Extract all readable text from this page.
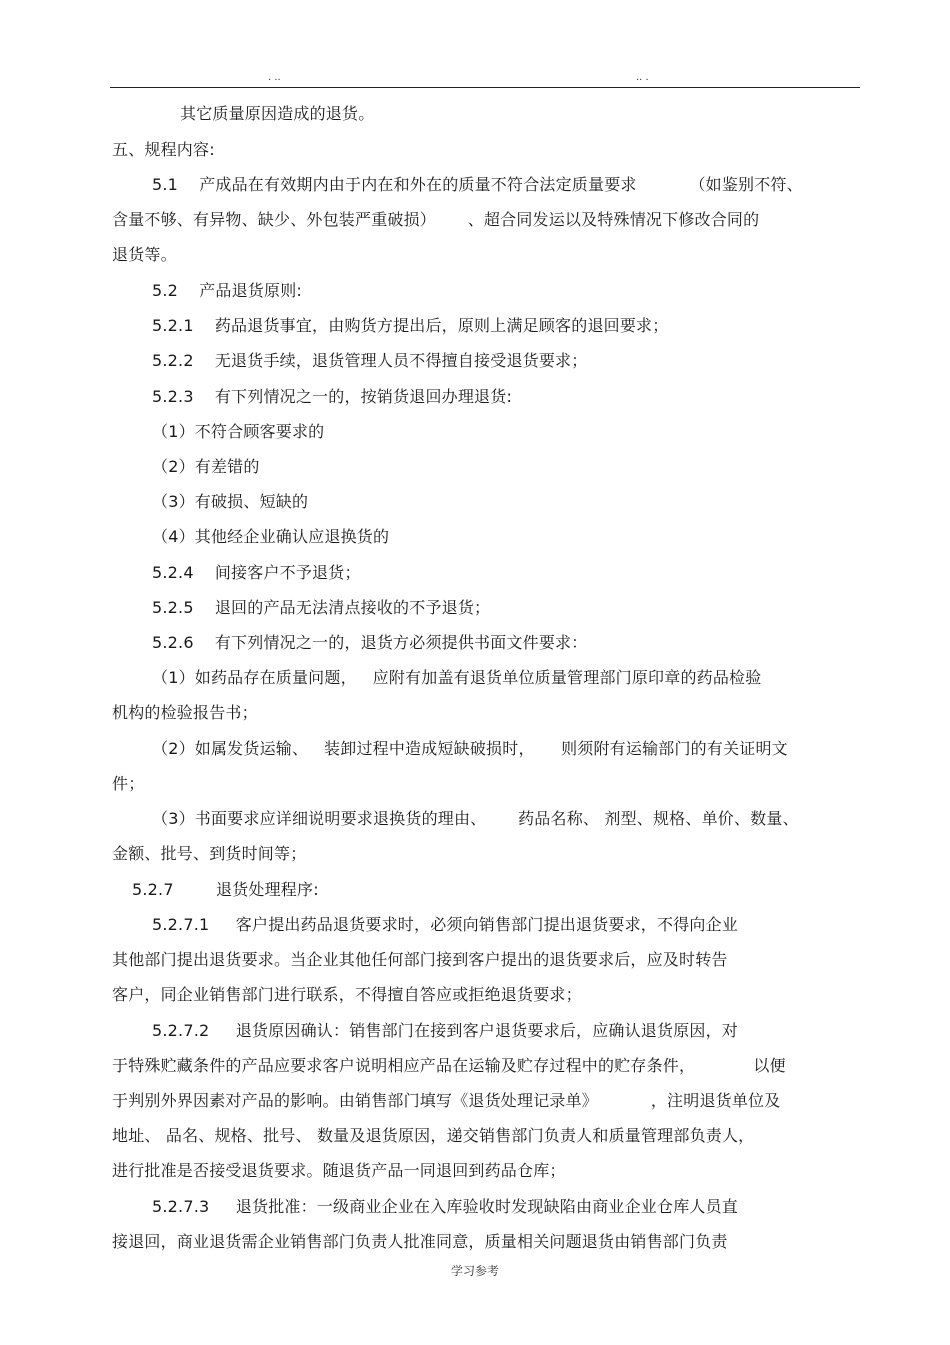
. ..	.. .
其它质量原因造成的退货。
五、规程内容:
5.1    产成品在有效期内由于内在和外在的质量不符合法定质量要求          （如鉴别不符、
含量不够、有异物、缺少、外包装严重破损）      、超合同发运以及特殊情况下修改合同的
退货等。
5.2    产品退货原则:
5.2.1    药品退货事宜，由购货方提出后，原则上满足顾客的退回要求；
5.2.2    无退货手续，退货管理人员不得擅自接受退货要求；
5.2.3    有下列情况之一的，按销货退回办理退货:
（1）不符合顾客要求的
（2）有差错的
（3）有破损、短缺的
（4）其他经企业确认应退换货的
5.2.4    间接客户不予退货；
5.2.5    退回的产品无法清点接收的不予退货；
5.2.6    有下列情况之一的，退货方必须提供书面文件要求：
（1）如药品存在质量问题，   应附有加盖有退货单位质量管理部门原印章的药品检验
机构的检验报告书；
（2）如属发货运输、   装卸过程中造成短缺破损时，     则须附有运输部门的有关证明文
件；
（3）书面要求应详细说明要求退换货的理由、      药品名称、 剂型、规格、单价、数量、
金额、批号、到货时间等；
5.2.7        退货处理程序:
5.2.7.1     客户提出药品退货要求时，必须向销售部门提出退货要求，不得向企业
其他部门提出退货要求。当企业其他任何部门接到客户提出的退货要求后，应及时转告
客户，同企业销售部门进行联系，不得擅自答应或拒绝退货要求；
5.2.7.2     退货原因确认：销售部门在接到客户退货要求后，应确认退货原因，对
于特殊贮藏条件的产品应要求客户说明相应产品在运输及贮存过程中的贮存条件，           以便
于判别外界因素对产品的影响。由销售部门填写《退货处理记录单》          ，注明退货单位及
地址、 品名、规格、批号、 数量及退货原因，递交销售部门负责人和质量管理部负责人，
进行批准是否接受退货要求。随退货产品一同退回到药品仓库；
5.2.7.3     退货批准：一级商业企业在入库验收时发现缺陷由商业企业仓库人员直
接退回，商业退货需企业销售部门负责人批准同意，质量相关问题退货由销售部门负责
学习参考
